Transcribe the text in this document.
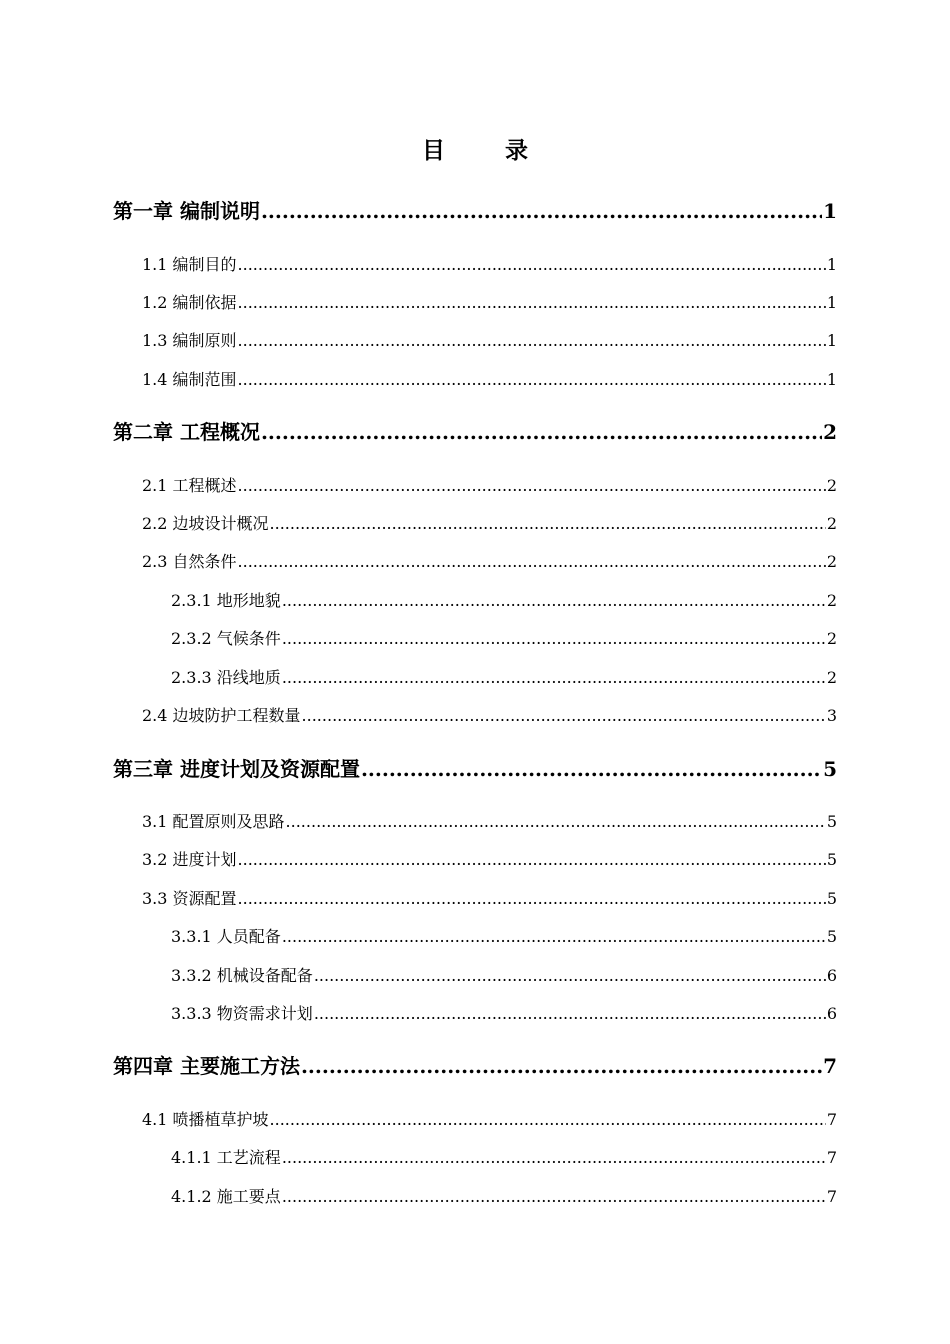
目 录
第一章 编制说明 .....	1
1.1 编制目的 .....	1
1.2 编制依据 .....	1
1.3 编制原则 .....	1
1.4 编制范围 .....	1
第二章 工程概况 .....	2
2.1 工程概述 .....	2
2.2 边坡设计概况 .....	2
2.3 自然条件 .....	2
2.3.1 地形地貌 .....	2
2.3.2 气候条件 .....	2
2.3.3 沿线地质 .....	2
2.4 边坡防护工程数量 .....	3
第三章 进度计划及资源配置 .....	5
3.1 配置原则及思路 .....	5
3.2 进度计划 .....	5
3.3 资源配置 .....	5
3.3.1 人员配备 .....	5
3.3.2 机械设备配备 .....	6
3.3.3 物资需求计划 .....	6
第四章 主要施工方法 .....	7
4.1 喷播植草护坡 .....	7
4.1.1 工艺流程 .....	7
4.1.2 施工要点 .....	7
